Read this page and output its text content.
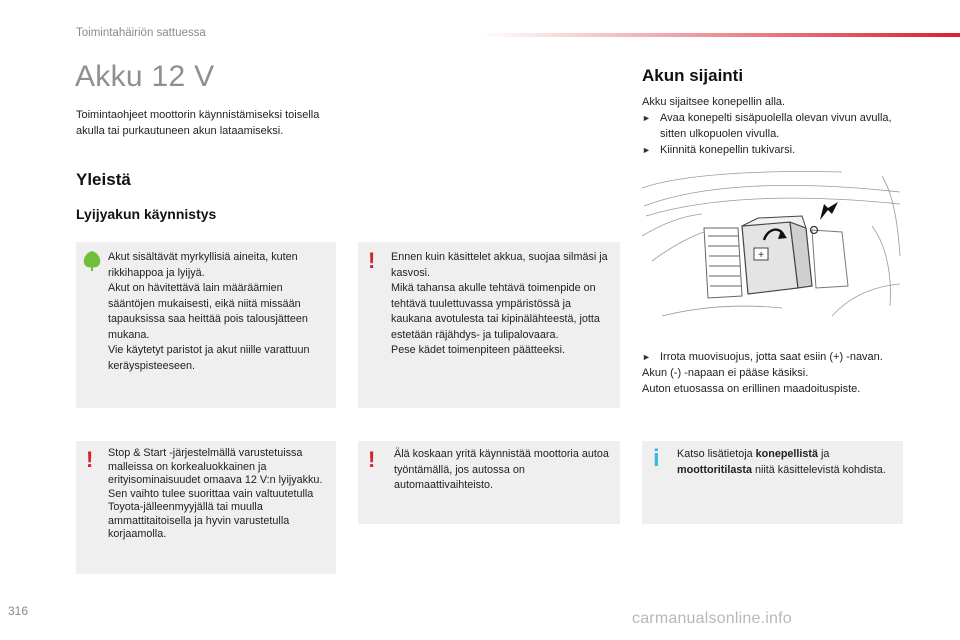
Toimintahäiriön sattuessa
Akku 12 V
Toimintaohjeet moottorin käynnistämiseksi toisella akulla tai purkautuneen akun lataamiseksi.
Yleistä
Lyijyakun käynnistys

Akut sisältävät myrkyllisiä aineita, kuten rikkihappoa ja lyijyä.

Akut on hävitettävä lain määräämien sääntöjen mukaisesti, eikä niitä missään tapauksissa saa heittää pois talousjätteen mukana.

Vie käytetyt paristot ja akut niille varattuun keräyspisteeseen.

! Ennen kuin käsittelet akkua, suojaa silmäsi ja kasvosi.

Mikä tahansa akulle tehtävä toimenpide on tehtävä tuulettuvassa ympäristössä ja kaukana avotulesta tai kipinälähteestä, jotta estetään räjähdys- ja tulipalovaara.

Pese kädet toimenpiteen päätteeksi.

! Stop & Start -järjestelmällä varustetuissa malleissa on korkealuokkainen ja erityisominaisuudet omaava 12 V:n lyijyakku.

Sen vaihto tulee suorittaa vain valtuutetulla Toyota-jälleenmyyjällä tai muulla ammattitaitoisella ja hyvin varustetulla korjaamolla.

! Älä koskaan yritä käynnistää moottoria autoa työntämällä, jos autossa on automaattivaihteisto.

i Katso lisätietoja konepellistä ja moottoritilasta niitä käsittelevistä kohdista.

Akun sijainti

Akku sijaitsee konepellin alla.

► Avaa konepelti sisäpuolella olevan vivun avulla, sitten ulkopuolen vivulla.
► Kiinnitä konepellin tukivarsi.
+
► Irrota muovisuojus, jotta saat esiin (+) -navan.

Akun (-) -napaan ei pääse käsiksi.

Auton etuosassa on erillinen maadoituspiste.

316	carmanualsonline.info
